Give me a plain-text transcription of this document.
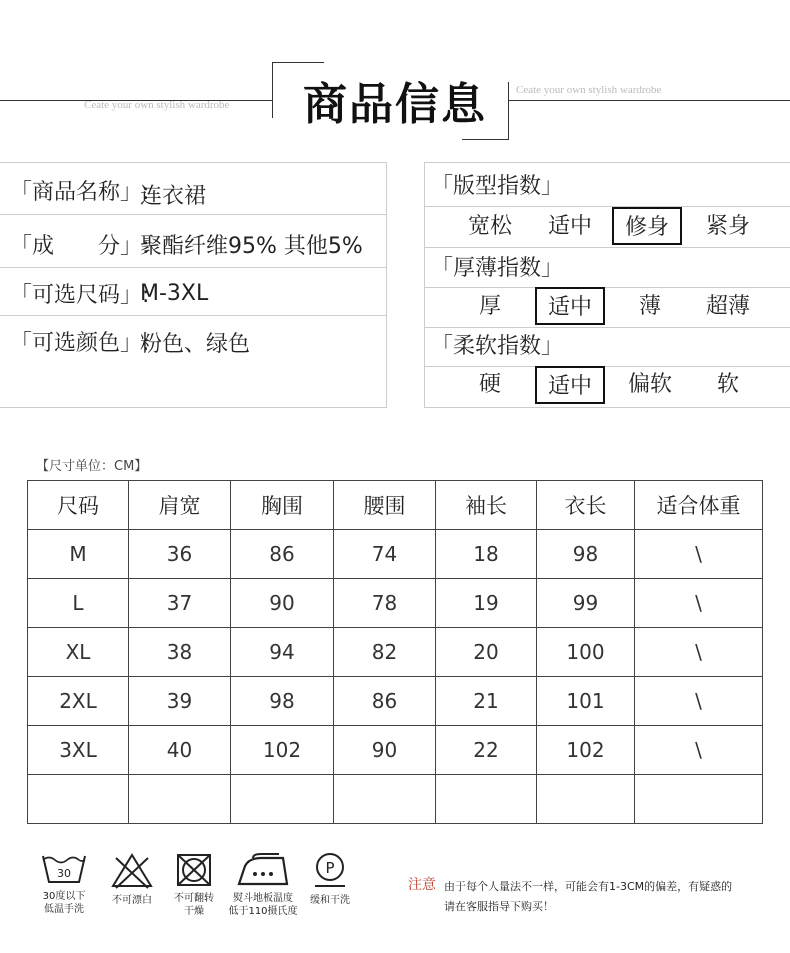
商品信息
Ceate your own stylish wardrobe
Ceate your own stylish wardrobe
「商品名称」:
连衣裙
「成　　分」:
聚酯纤维95% 其他5%
「可选尺码」:
M-3XL
「可选颜色」:
粉色、绿色
「版型指数」
宽松	适中	修身	紧身
「厚薄指数」
厚	适中	薄	超薄
「柔软指数」
硬	适中	偏软	软
【尺寸单位：CM】
尺码	肩宽	胸围	腰围	袖长	衣长	适合体重
M	36	86	74	18	98	\
L	37	90	78	19	99	\
XL	38	94	82	20	100	\
2XL	39	98	86	21	101	\
3XL	40	102	90	22	102	\

30
30度以下
低温手洗
不可漂白	不可翻转
干燥
熨斗地板温度
低于110摄氏度
P
缓和干洗
注意 由于每个人量法不一样，可能会有1-3CM的偏差，有疑惑的
请在客服指导下购买！
